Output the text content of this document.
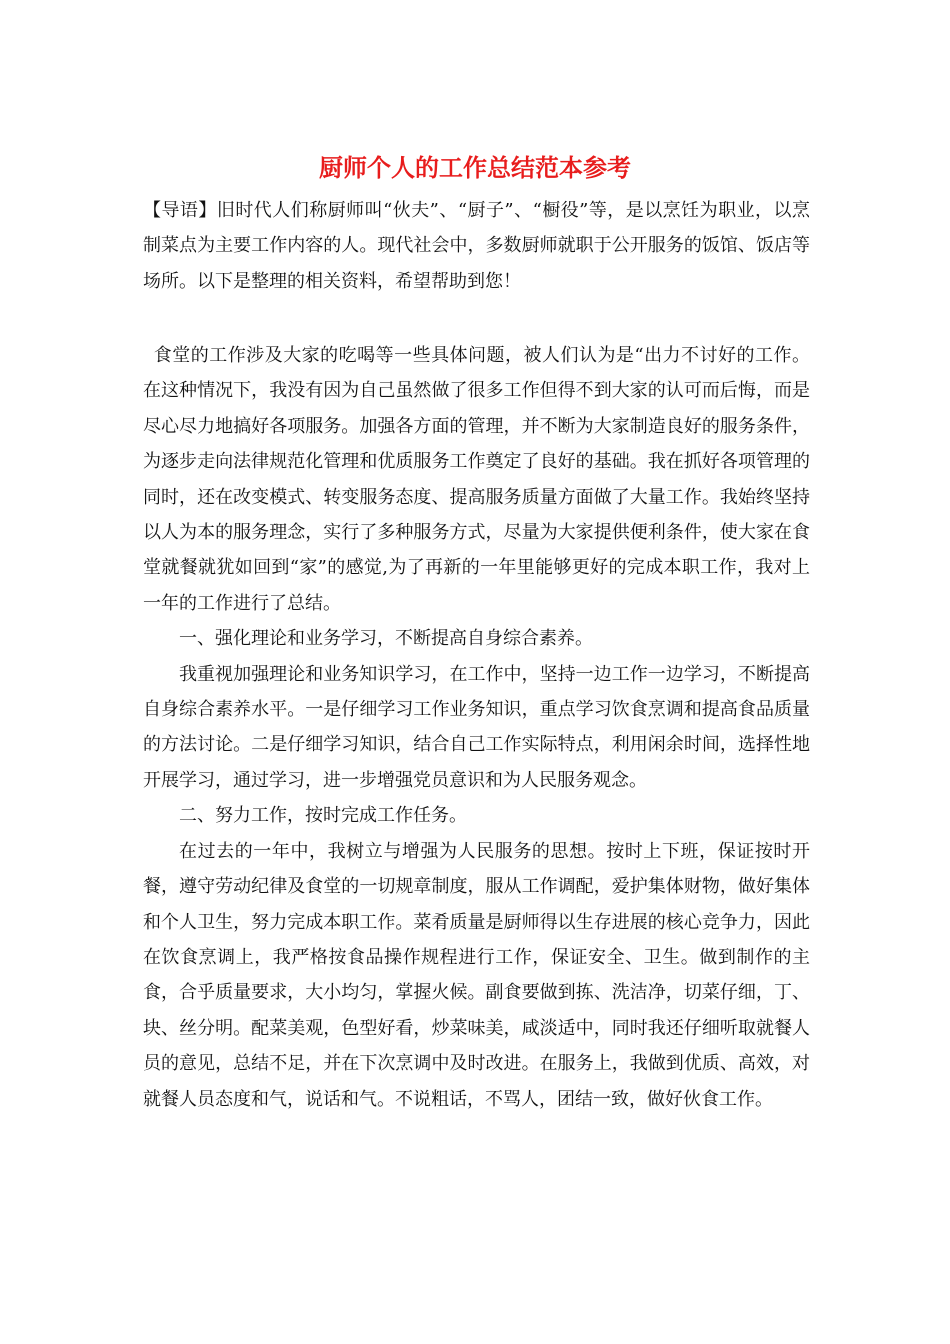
厨师个人的工作总结范本参考

【导语】旧时代人们称厨师叫“伙夫”、“厨子”、“橱役”等，是以烹饪为职业，以烹制菜点为主要工作内容的人。现代社会中，多数厨师就职于公开服务的饭馆、饭店等场所。以下是整理的相关资料，希望帮助到您！

食堂的工作涉及大家的吃喝等一些具体问题，被人们认为是“出力不讨好的工作。在这种情况下，我没有因为自己虽然做了很多工作但得不到大家的认可而后悔，而是尽心尽力地搞好各项服务。加强各方面的管理，并不断为大家制造良好的服务条件，为逐步走向法律规范化管理和优质服务工作奠定了良好的基础。我在抓好各项管理的同时，还在改变模式、转变服务态度、提高服务质量方面做了大量工作。我始终坚持以人为本的服务理念，实行了多种服务方式，尽量为大家提供便利条件，使大家在食堂就餐就犹如回到“家”的感觉,为了再新的一年里能够更好的完成本职工作，我对上一年的工作进行了总结。

一、强化理论和业务学习，不断提高自身综合素养。

我重视加强理论和业务知识学习，在工作中，坚持一边工作一边学习，不断提高自身综合素养水平。一是仔细学习工作业务知识，重点学习饮食烹调和提高食品质量的方法讨论。二是仔细学习知识，结合自己工作实际特点，利用闲余时间，选择性地开展学习，通过学习，进一步增强党员意识和为人民服务观念。

二、努力工作，按时完成工作任务。

在过去的一年中，我树立与增强为人民服务的思想。按时上下班，保证按时开餐，遵守劳动纪律及食堂的一切规章制度，服从工作调配，爱护集体财物，做好集体和个人卫生，努力完成本职工作。菜肴质量是厨师得以生存进展的核心竞争力，因此在饮食烹调上，我严格按食品操作规程进行工作，保证安全、卫生。做到制作的主食，合乎质量要求，大小均匀，掌握火候。副食要做到拣、洗洁净，切菜仔细，丁、块、丝分明。配菜美观，色型好看，炒菜味美，咸淡适中，同时我还仔细听取就餐人员的意见，总结不足，并在下次烹调中及时改进。在服务上，我做到优质、高效，对就餐人员态度和气，说话和气。不说粗话，不骂人，团结一致，做好伙食工作。
